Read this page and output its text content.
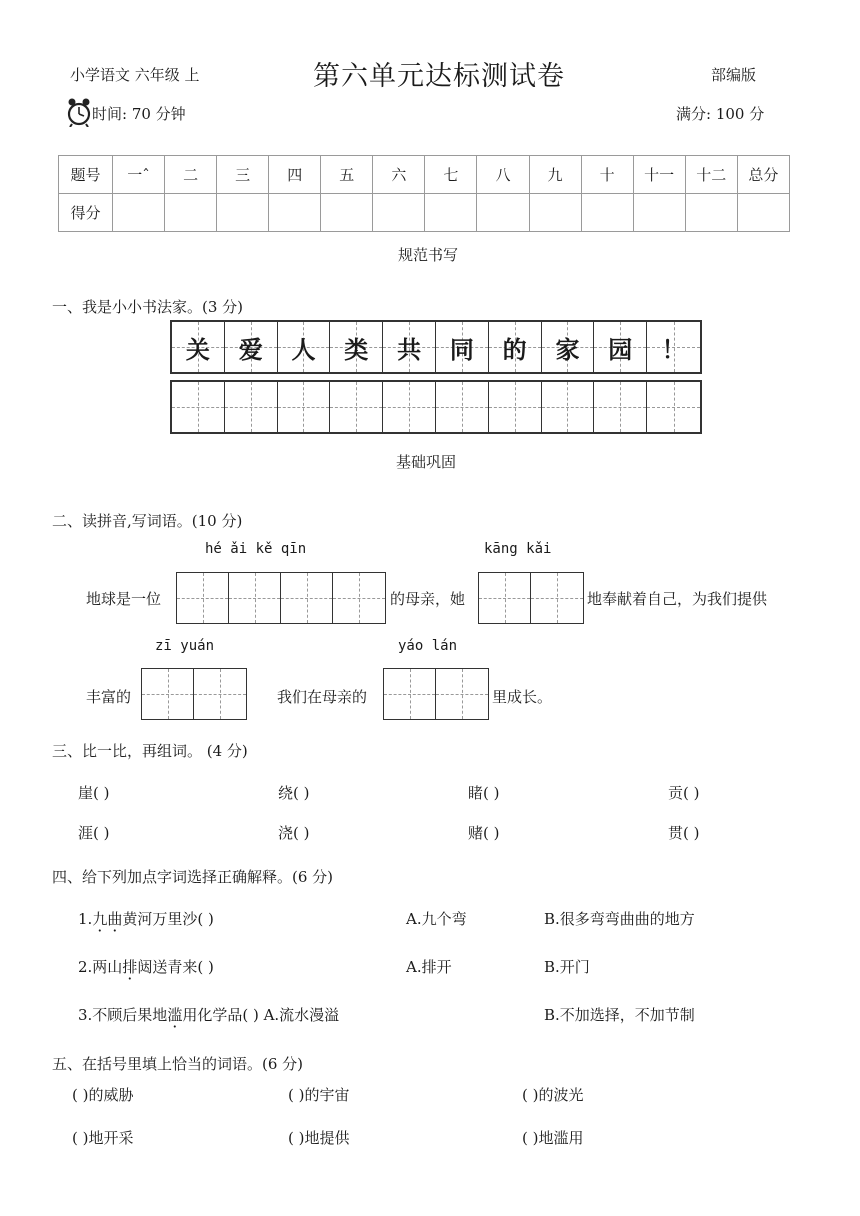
小学语文 六年级 上	第六单元达标测试卷	部编版
时间: 70 分钟	满分: 100 分
题号	一ˆ	二	三	四	五	六	七	八	九	十	十一	十二	总分
得分													
规范书写
一、我是小小书法家。(3 分)
关 爱 人 类 共 同 的 家 园 ！
基础巩固
二、读拼音,写词语。(10 分)
hé ǎi kě qīn	kāng kǎi
地球是一位	的母亲，她	地奉献着自己，为我们提供
zī yuán	yáo lán
丰富的	我们在母亲的	里成长。
三、比一比，再组词。 (4 分)
崖( )	绕( )	睹( )	贡( )
涯( )	浇( )	赌( )	贯( )
四、给下列加点字词选择正确解释。(6 分)
1.九曲黄河万里沙( )	A.九个弯	B.很多弯弯曲曲的地方
2.两山排闼送青来( )	A.排开	B.开门
3.不顾后果地滥用化学品( ) A.流水漫溢	B.不加选择，不加节制
五、在括号里填上恰当的词语。(6 分)
( )的威胁	( )的宇宙	( )的波光
( )地开采	( )地提供	( )地滥用
